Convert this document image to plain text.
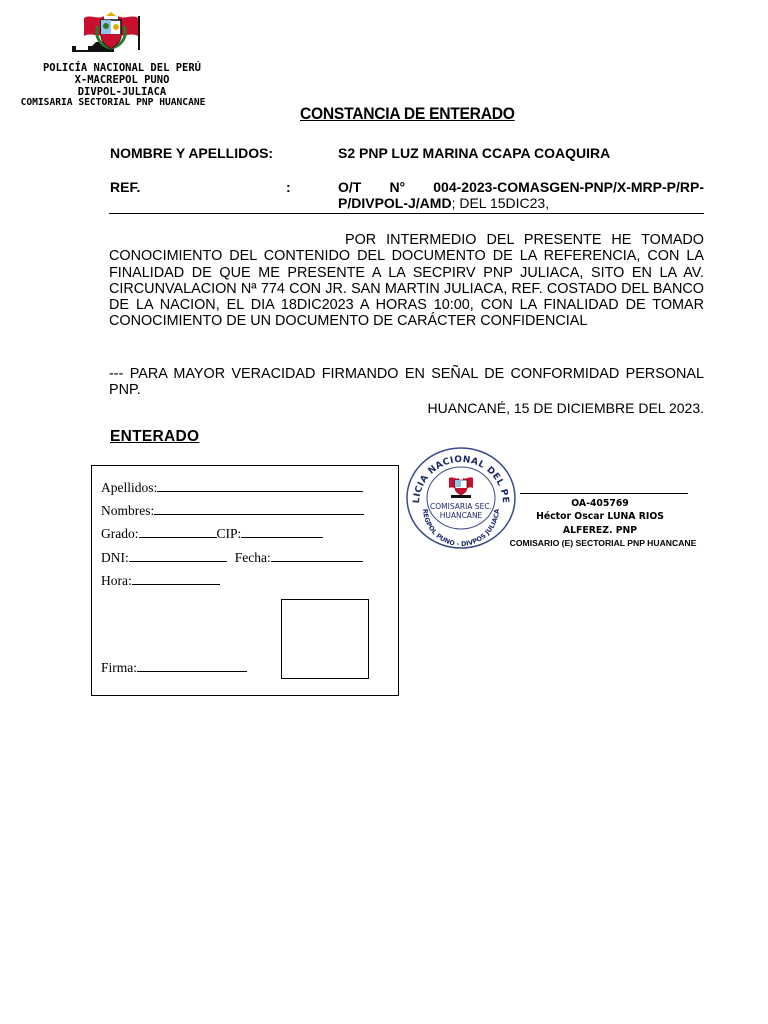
POLICÍA NACIONAL DEL PERÚ
X-MACREPOL PUNO
DIVPOL-JULIACA
COMISARIA SECTORIAL PNP HUANCANE
CONSTANCIA DE ENTERADO
NOMBRE Y APELLIDOS:	S2 PNP LUZ MARINA CCAPA COAQUIRA
REF.	:	O/T N° 004-2023-COMASGEN-PNP/X-MRP-P/RP-P/DIVPOL-J/AMD; DEL 15DIC23,
POR INTERMEDIO DEL PRESENTE HE TOMADO CONOCIMIENTO DEL CONTENIDO DEL DOCUMENTO DE LA REFERENCIA, CON LA FINALIDAD DE QUE ME PRESENTE A LA SECPIRV PNP JULIACA, SITO EN LA AV. CIRCUNVALACION Nª 774 CON JR. SAN MARTIN JULIACA, REF. COSTADO DEL BANCO DE LA NACION, EL DIA 18DIC2023 A HORAS 10:00, CON LA FINALIDAD DE TOMAR CONOCIMIENTO DE UN DOCUMENTO DE CARÁCTER CONFIDENCIAL
--- PARA MAYOR VERACIDAD FIRMANDO EN SEÑAL DE CONFORMIDAD PERSONAL PNP.
HUANCANÉ, 15 DE DICIEMBRE DEL 2023.
ENTERADO
Apellidos:
Nombres:
Grado:	CIP:
DNI:	Fecha:
Hora:
Firma:
LICIA NACIONAL DEL PE
REGPOL PUNO - DIVPOS JULIACA
COMISARIA SEC.
HUANCANE
OA-405769
Héctor Oscar LUNA RIOS
ALFEREZ. PNP
COMISARIO (E) SECTORIAL PNP HUANCANE
